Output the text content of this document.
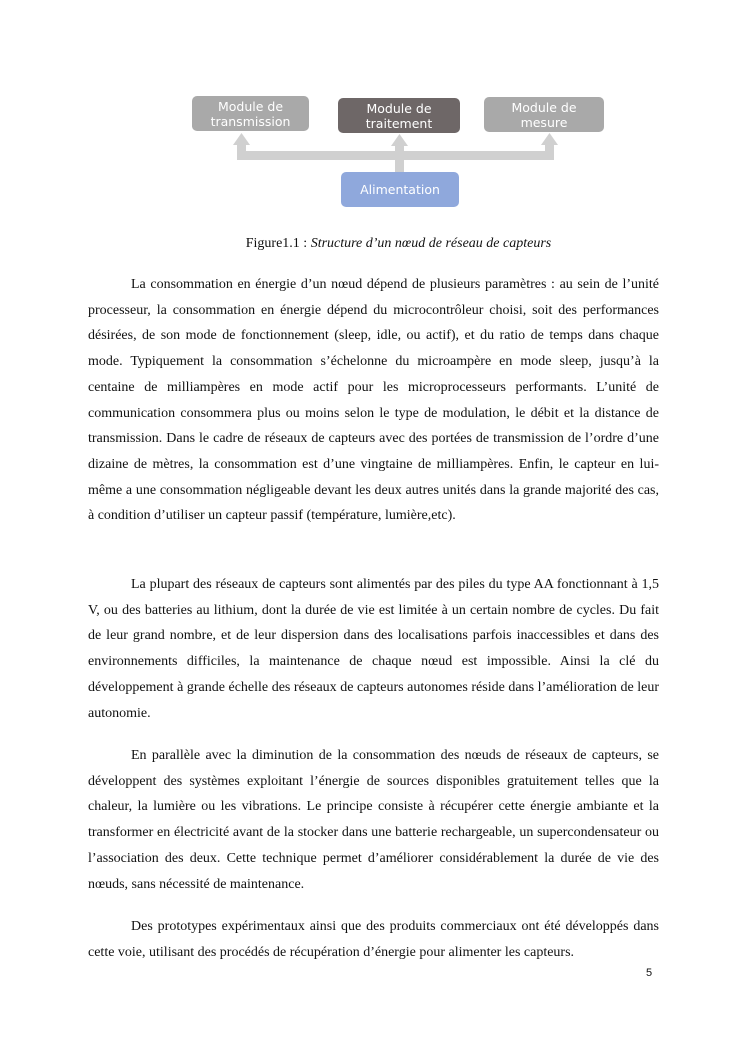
Module de
transmission
Module de
traitement
Module de
mesure
Alimentation
Figure1.1 : Structure d’un nœud de réseau de capteurs

La consommation en énergie d’un nœud dépend de plusieurs paramètres : au sein de l’unité processeur, la consommation en énergie dépend du microcontrôleur choisi, soit des performances désirées, de son mode de fonctionnement (sleep, idle, ou actif), et du ratio de temps dans chaque mode. Typiquement la consommation s’échelonne du microampère en mode sleep, jusqu’à la centaine de milliampères en mode actif pour les microprocesseurs performants. L’unité de communication consommera plus ou moins selon le type de modulation, le débit et la distance de transmission. Dans le cadre de réseaux de capteurs avec des portées de transmission de l’ordre d’une dizaine de mètres, la consommation est d’une vingtaine de milliampères. Enfin, le capteur en lui-même a une consommation négligeable devant les deux autres unités dans la grande majorité des cas, à condition d’utiliser un capteur passif (température, lumière,etc).

La plupart des réseaux de capteurs sont alimentés par des piles du type AA fonctionnant à 1,5 V, ou des batteries au lithium, dont la durée de vie est limitée à un certain nombre de cycles. Du fait de leur grand nombre, et de leur dispersion dans des localisations parfois inaccessibles et dans des environnements difficiles, la maintenance de chaque nœud est impossible. Ainsi la clé du développement à grande échelle des réseaux de capteurs autonomes réside dans l’amélioration de leur autonomie.

En parallèle avec la diminution de la consommation des nœuds de réseaux de capteurs, se développent des systèmes exploitant l’énergie de sources disponibles gratuitement telles que la chaleur, la lumière ou les vibrations. Le principe consiste à récupérer cette énergie ambiante et la transformer en électricité avant de la stocker dans une batterie rechargeable, un supercondensateur ou l’association des deux. Cette technique permet d’améliorer considérablement la durée de vie des nœuds, sans nécessité de maintenance.

Des prototypes expérimentaux ainsi que des produits commerciaux ont été développés dans cette voie, utilisant des procédés de récupération d’énergie pour alimenter les capteurs.

5
